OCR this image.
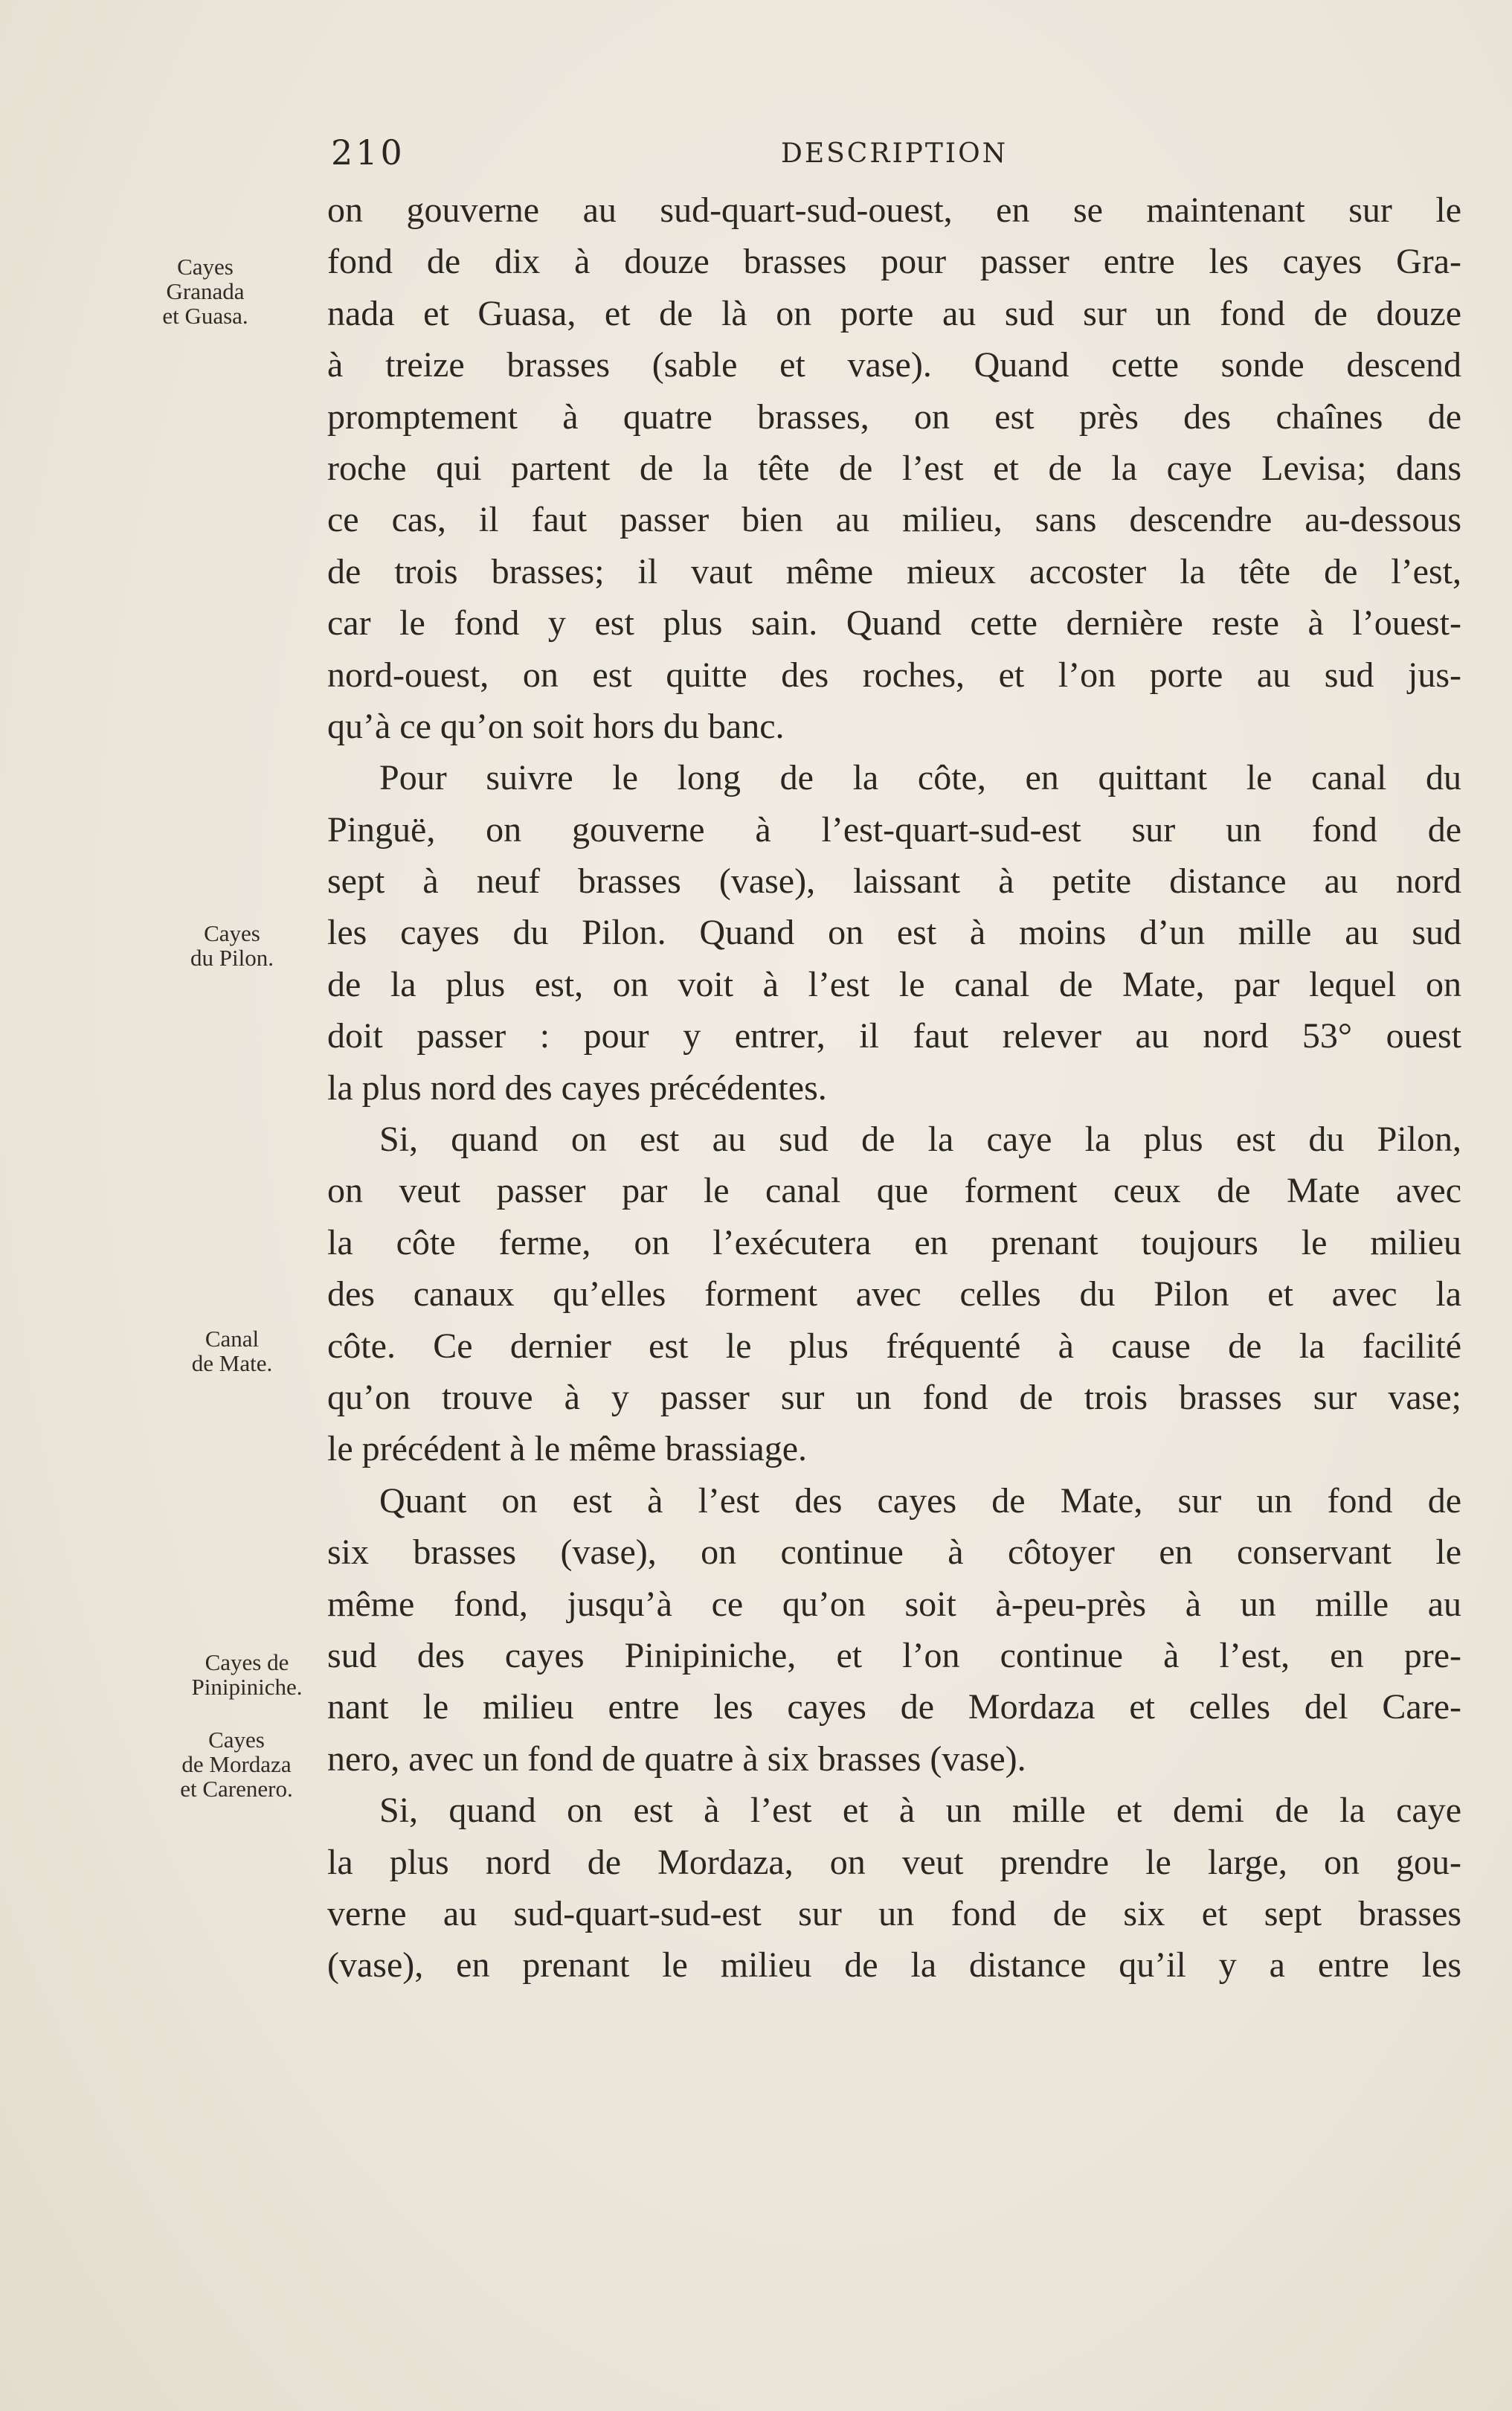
210	DESCRIPTION
Cayes
Granada
et Guasa.
Cayes
du Pilon.
Canal
de Mate.
Cayes de
Pinipiniche.
Cayes
de Mordaza
et Carenero.
on gouverne au sud-quart-sud-ouest, en se maintenant sur le
fond de dix à douze brasses pour passer entre les cayes Gra-
nada et Guasa, et de là on porte au sud sur un fond de douze
à treize brasses (sable et vase). Quand cette sonde descend
promptement à quatre brasses, on est près des chaînes de
roche qui partent de la tête de l’est et de la caye Levisa; dans
ce cas, il faut passer bien au milieu, sans descendre au-dessous
de trois brasses; il vaut même mieux accoster la tête de l’est,
car le fond y est plus sain. Quand cette dernière reste à l’ouest-
nord-ouest, on est quitte des roches, et l’on porte au sud jus-
qu’à ce qu’on soit hors du banc.
Pour suivre le long de la côte, en quittant le canal du
Pinguë, on gouverne à l’est-quart-sud-est sur un fond de
sept à neuf brasses (vase), laissant à petite distance au nord
les cayes du Pilon. Quand on est à moins d’un mille au sud
de la plus est, on voit à l’est le canal de Mate, par lequel on
doit passer : pour y entrer, il faut relever au nord 53° ouest
la plus nord des cayes précédentes.
Si, quand on est au sud de la caye la plus est du Pilon,
on veut passer par le canal que forment ceux de Mate avec
la côte ferme, on l’exécutera en prenant toujours le milieu
des canaux qu’elles forment avec celles du Pilon et avec la
côte. Ce dernier est le plus fréquenté à cause de la facilité
qu’on trouve à y passer sur un fond de trois brasses sur vase;
le précédent à le même brassiage.
Quant on est à l’est des cayes de Mate, sur un fond de
six brasses (vase), on continue à côtoyer en conservant le
même fond, jusqu’à ce qu’on soit à-peu-près à un mille au
sud des cayes Pinipiniche, et l’on continue à l’est, en pre-
nant le milieu entre les cayes de Mordaza et celles del Care-
nero, avec un fond de quatre à six brasses (vase).
Si, quand on est à l’est et à un mille et demi de la caye
la plus nord de Mordaza, on veut prendre le large, on gou-
verne au sud-quart-sud-est sur un fond de six et sept brasses
(vase), en prenant le milieu de la distance qu’il y a entre les
